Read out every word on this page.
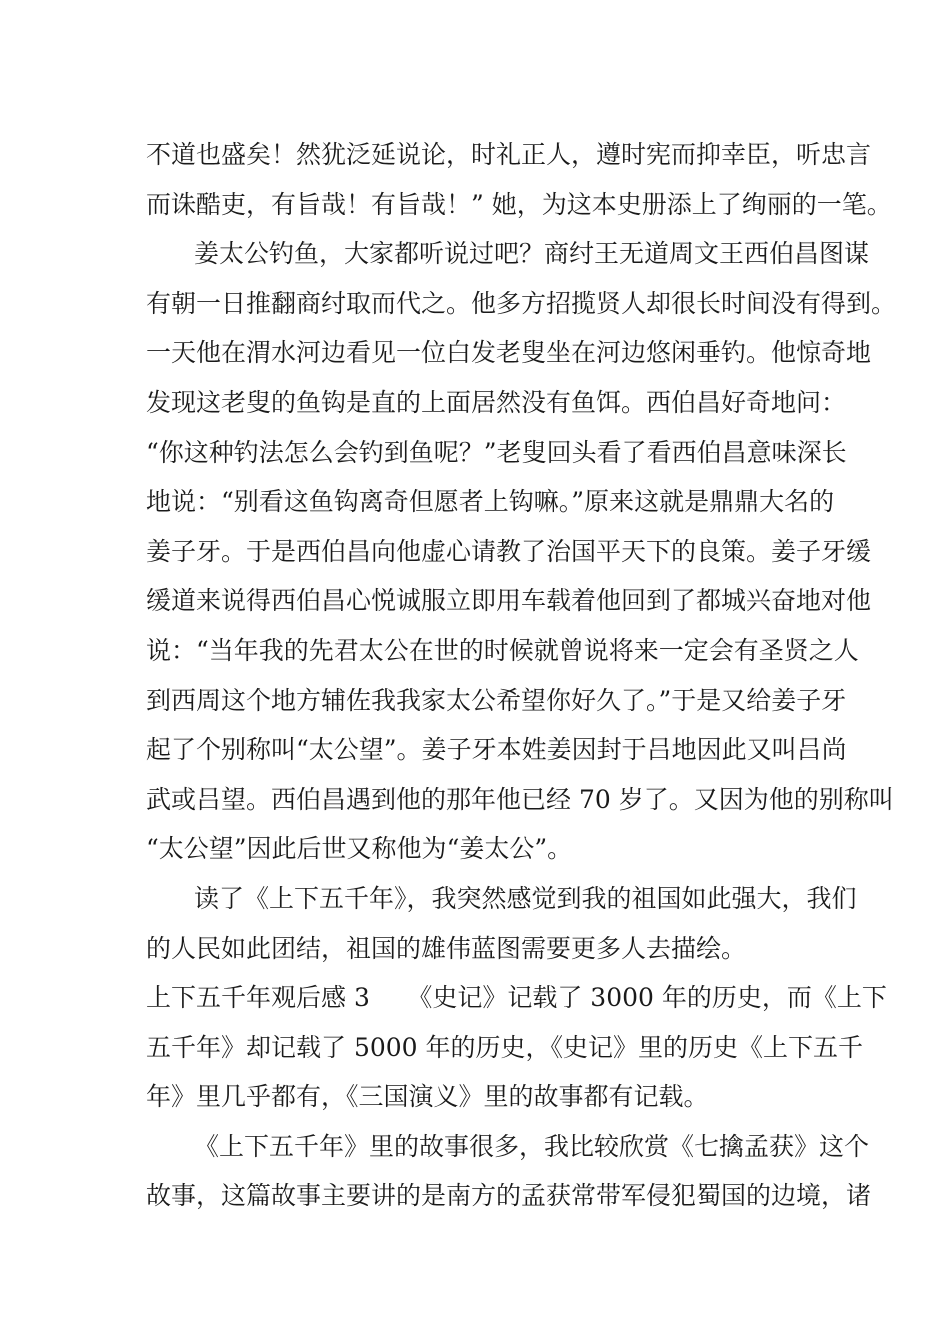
不道也盛矣！然犹泛延说论，时礼正人，遵时宪而抑幸臣，听忠言
而诛酷吏，有旨哉！有旨哉！” 她，为这本史册添上了绚丽的一笔。
姜太公钓鱼，大家都听说过吧？商纣王无道周文王西伯昌图谋
有朝一日推翻商纣取而代之。他多方招揽贤人却很长时间没有得到。
一天他在渭水河边看见一位白发老叟坐在河边悠闲垂钓。他惊奇地
发现这老叟的鱼钩是直的上面居然没有鱼饵。西伯昌好奇地问：
“你这种钓法怎么会钓到鱼呢？”老叟回头看了看西伯昌意味深长
地说：“别看这鱼钩离奇但愿者上钩嘛。”原来这就是鼎鼎大名的
姜子牙。于是西伯昌向他虚心请教了治国平天下的良策。姜子牙缓
缓道来说得西伯昌心悦诚服立即用车载着他回到了都城兴奋地对他
说：“当年我的先君太公在世的时候就曾说将来一定会有圣贤之人
到西周这个地方辅佐我我家太公希望你好久了。”于是又给姜子牙
起了个别称叫“太公望”。姜子牙本姓姜因封于吕地因此又叫吕尚
武或吕望。西伯昌遇到他的那年他已经 70 岁了。又因为他的别称叫
“太公望”因此后世又称他为“姜太公”。
读了《上下五千年》，我突然感觉到我的祖国如此强大，我们
的人民如此团结，祖国的雄伟蓝图需要更多人去描绘。
上下五千年观后感 3　　《史记》记载了 3000 年的历史，而《上下
五千年》却记载了 5000 年的历史，《史记》里的历史《上下五千
年》里几乎都有，《三国演义》里的故事都有记载。
《上下五千年》里的故事很多，我比较欣赏《七擒孟获》这个
故事，这篇故事主要讲的是南方的孟获常带军侵犯蜀国的边境，诸
